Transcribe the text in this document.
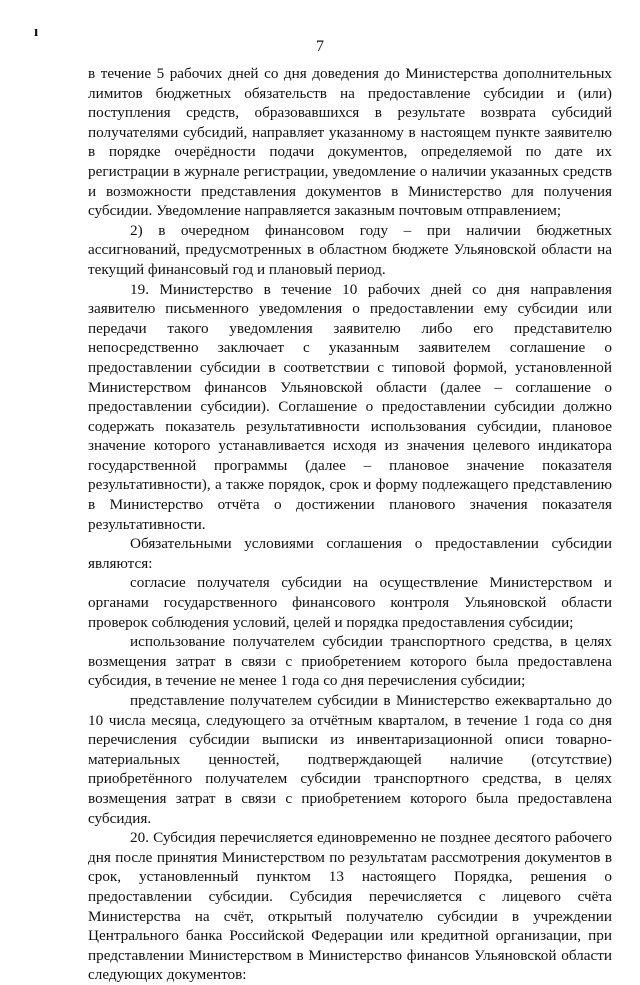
ı
7

в течение 5 рабочих дней со дня доведения до Министерства дополнительных лимитов бюджетных обязательств на предоставление субсидии и (или) поступления средств, образовавшихся в результате возврата субсидий получателями субсидий, направляет указанному в настоящем пункте заявителю в порядке очерёдности подачи документов, определяемой по дате их регистрации в журнале регистрации, уведомление о наличии указанных средств и возможности представления документов в Министерство для получения субсидии. Уведомление направляется заказным почтовым отправлением;

2) в очередном финансовом году – при наличии бюджетных ассигнований, предусмотренных в областном бюджете Ульяновской области на текущий финансовый год и плановый период.

19. Министерство в течение 10 рабочих дней со дня направления заявителю письменного уведомления о предоставлении ему субсидии или передачи такого уведомления заявителю либо его представителю непосредственно заключает с указанным заявителем соглашение о предоставлении субсидии в соответствии с типовой формой, установленной Министерством финансов Ульяновской области (далее – соглашение о предоставлении субсидии). Соглашение о предоставлении субсидии должно содержать показатель результативности использования субсидии, плановое значение которого устанавливается исходя из значения целевого индикатора государственной программы (далее – плановое значение показателя результативности), а также порядок, срок и форму подлежащего представлению в Министерство отчёта о достижении планового значения показателя результативности.

Обязательными условиями соглашения о предоставлении субсидии являются:

согласие получателя субсидии на осуществление Министерством и органами государственного финансового контроля Ульяновской области проверок соблюдения условий, целей и порядка предоставления субсидии;

использование получателем субсидии транспортного средства, в целях возмещения затрат в связи с приобретением которого была предоставлена субсидия, в течение не менее 1 года со дня перечисления субсидии;

представление получателем субсидии в Министерство ежеквартально до 10 числа месяца, следующего за отчётным кварталом, в течение 1 года со дня перечисления субсидии выписки из инвентаризационной описи товарно-материальных ценностей, подтверждающей наличие (отсутствие) приобретённого получателем субсидии транспортного средства, в целях возмещения затрат в связи с приобретением которого была предоставлена субсидия.

20. Субсидия перечисляется единовременно не позднее десятого рабочего дня после принятия Министерством по результатам рассмотрения документов в срок, установленный пунктом 13 настоящего Порядка, решения о предоставлении субсидии. Субсидия перечисляется с лицевого счёта Министерства на счёт, открытый получателю субсидии в учреждении Центрального банка Российской Федерации или кредитной организации, при представлении Министерством в Министерство финансов Ульяновской области следующих документов:
